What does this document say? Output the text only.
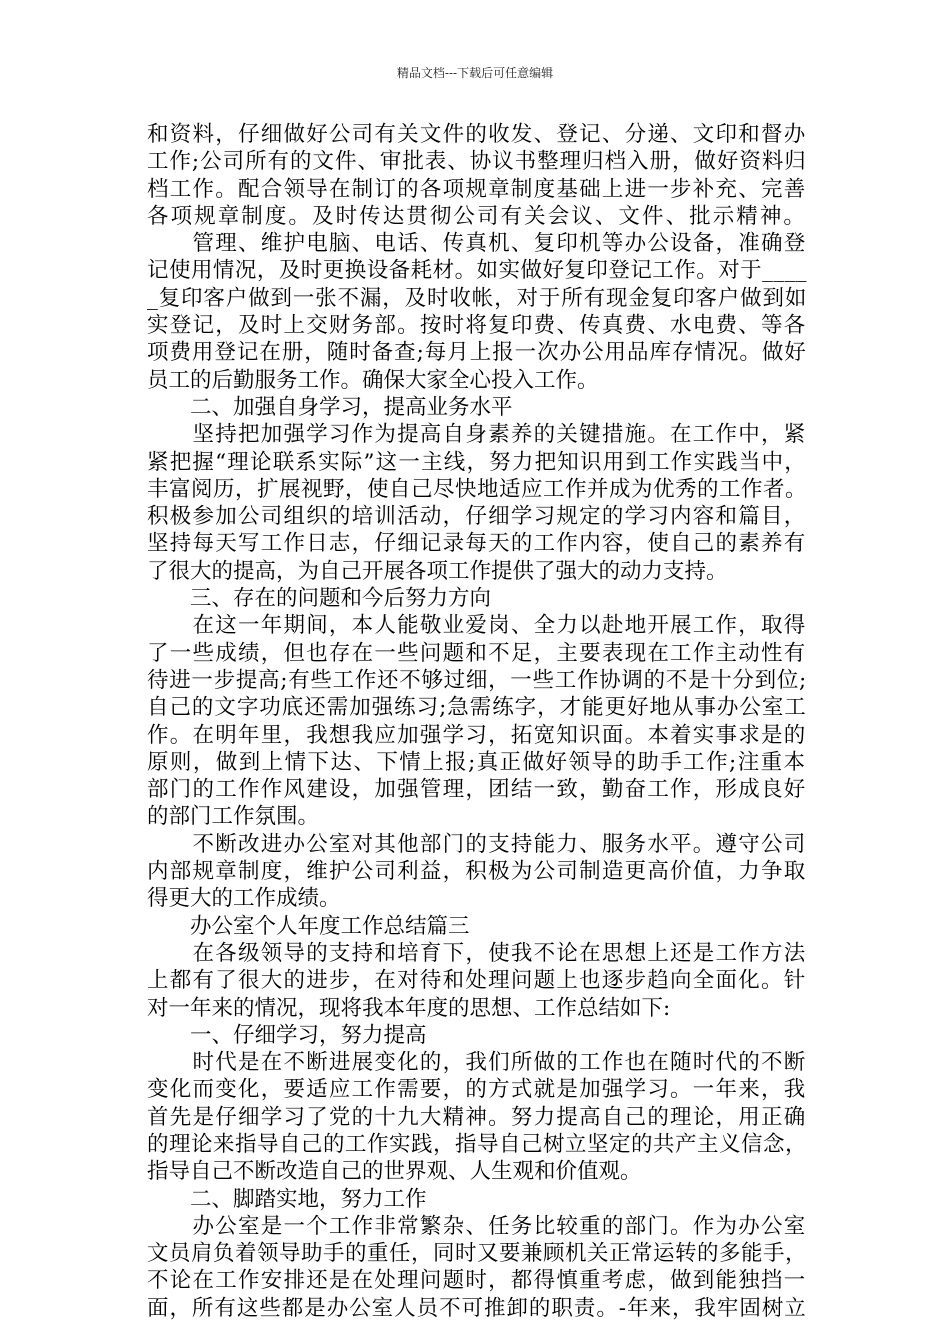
精品文档---下载后可任意编辑
和资料，仔细做好公司有关文件的收发、登记、分递、文印和督办
工作;公司所有的文件、审批表、协议书整理归档入册，做好资料归
档工作。配合领导在制订的各项规章制度基础上进一步补充、完善
各项规章制度。及时传达贯彻公司有关会议、文件、批示精神。
　　管理、维护电脑、电话、传真机、复印机等办公设备，准确登
记使用情况，及时更换设备耗材。如实做好复印登记工作。对于____
_复印客户做到一张不漏，及时收帐，对于所有现金复印客户做到如
实登记，及时上交财务部。按时将复印费、传真费、水电费、等各
项费用登记在册，随时备查;每月上报一次办公用品库存情况。做好
员工的后勤服务工作。确保大家全心投入工作。
　　二、加强自身学习，提高业务水平
　　坚持把加强学习作为提高自身素养的关键措施。在工作中，紧
紧把握“理论联系实际”这一主线，努力把知识用到工作实践当中，
丰富阅历，扩展视野，使自己尽快地适应工作并成为优秀的工作者。
积极参加公司组织的培训活动，仔细学习规定的学习内容和篇目，
坚持每天写工作日志，仔细记录每天的工作内容，使自己的素养有
了很大的提高，为自己开展各项工作提供了强大的动力支持。
　　三、存在的问题和今后努力方向
　　在这一年期间，本人能敬业爱岗、全力以赴地开展工作，取得
了一些成绩，但也存在一些问题和不足，主要表现在工作主动性有
待进一步提高;有些工作还不够过细，一些工作协调的不是十分到位;
自己的文字功底还需加强练习;急需练字，才能更好地从事办公室工
作。在明年里，我想我应加强学习，拓宽知识面。本着实事求是的
原则，做到上情下达、下情上报;真正做好领导的助手工作;注重本
部门的工作作风建设，加强管理，团结一致，勤奋工作，形成良好
的部门工作氛围。
　　不断改进办公室对其他部门的支持能力、服务水平。遵守公司
内部规章制度，维护公司利益，积极为公司制造更高价值，力争取
得更大的工作成绩。
　　办公室个人年度工作总结篇三
　　在各级领导的支持和培育下，使我不论在思想上还是工作方法
上都有了很大的进步，在对待和处理问题上也逐步趋向全面化。针
对一年来的情况，现将我本年度的思想、工作总结如下:
　　一、仔细学习，努力提高
　　时代是在不断进展变化的，我们所做的工作也在随时代的不断
变化而变化，要适应工作需要，的方式就是加强学习。一年来，我
首先是仔细学习了党的十九大精神。努力提高自己的理论，用正确
的理论来指导自己的工作实践，指导自己树立坚定的共产主义信念，
指导自己不断改造自己的世界观、人生观和价值观。
　　二、脚踏实地，努力工作
　　办公室是一个工作非常繁杂、任务比较重的部门。作为办公室
文员肩负着领导助手的重任，同时又要兼顾机关正常运转的多能手，
不论在工作安排还是在处理问题时，都得慎重考虑，做到能独挡一
面，所有这些都是办公室人员不可推卸的职责。-年来，我牢固树立
